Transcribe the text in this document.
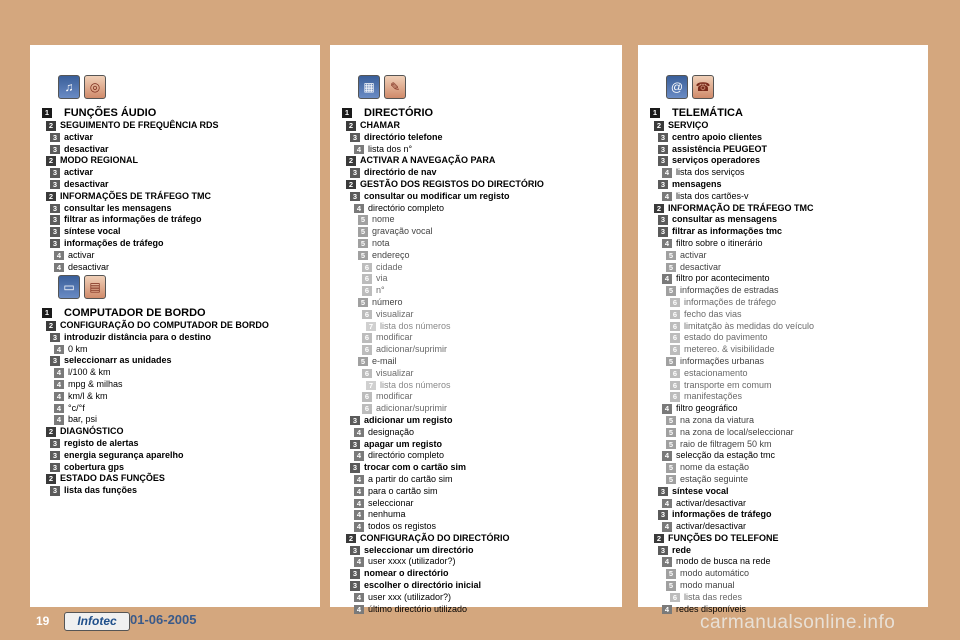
♫	◎
1 FUNÇÕES ÁUDIO
2 SEGUIMENTO DE FREQUÊNCIA RDS
3 activar
3 desactivar
2 MODO REGIONAL
3 activar
3 desactivar
2 INFORMAÇÕES DE TRÁFEGO TMC
3 consultar les mensagens
3 filtrar as informações de tráfego
3 síntese vocal
3 informações de tráfego
4 activar
4 desactivar
▭	▤
1 COMPUTADOR DE BORDO
2 CONFIGURAÇÃO DO COMPUTADOR DE BORDO
3 introduzir distância para o destino
4 0 km
3 seleccionarr as unidades
4 l/100 & km
4 mpg & milhas
4 km/l & km
4 °c/°f
4 bar, psi
2 DIAGNÓSTICO
3 registo de alertas
3 energia segurança aparelho
3 cobertura gps
2 ESTADO DAS FUNÇÕES
3 lista das funções
▦	✎
1 DIRECTÓRIO
2 CHAMAR
3 directório telefone
4 lista dos n°
2 ACTIVAR A NAVEGAÇÃO PARA
3 directório de nav
2 GESTÃO DOS REGISTOS DO DIRECTÓRIO
3 consultar ou modificar um registo
4 directório completo
5 nome
5 gravação vocal
5 nota
5 endereço
6 cidade
6 via
6 n°
5 número
6 visualizar
7 lista dos números
6 modificar
6 adicionar/suprimir
5 e-mail
6 visualizar
7 lista dos números
6 modificar
6 adicionar/suprimir
3 adicionar um registo
4 designação
3 apagar um registo
4 directório completo
3 trocar com o cartão sim
4 a partir do cartão sim
4 para o cartão sim
4 seleccionar
4 nenhuma
4 todos os registos
2 CONFIGURAÇÃO DO DIRECTÓRIO
3 seleccionar um directório
4 user xxxx (utilizador?)
3 nomear o directório
3 escolher o directório inicial
4 user xxx (utilizador?)
4 último directório utilizado
@	☎
1 TELEMÁTICA
2 SERVIÇO
3 centro apoio clientes
3 assistência PEUGEOT
3 serviços operadores
4 lista dos serviços
3 mensagens
4 lista dos cartões-v
2 INFORMAÇÃO DE TRÁFEGO TMC
3 consultar as mensagens
3 filtrar as informações tmc
4 filtro sobre o itinerário
5 activar
5 desactivar
4 filtro por acontecimento
5 informações de estradas
6 informações de tráfego
6 fecho das vias
6 limitatção às medidas do veículo
6 estado do pavimento
6 metereo. & visibilidade
5 informações urbanas
6 estacionamento
6 transporte em comum
6 manifestações
4 filtro geográfico
5 na zona da viatura
5 na zona de local/seleccionar
5 raio de filtragem 50 km
4 selecção da estação tmc
5 nome da estação
5 estação seguinte
3 síntese vocal
4 activar/desactivar
3 informações de tráfego
4 activar/desactivar
2 FUNÇÕES DO TELEFONE
3 rede
4 modo de busca na rede
5 modo automático
5 modo manual
6 lista das redes
4 redes disponíveis
19	Infotec	01-06-2005	carmanualsonline.info
